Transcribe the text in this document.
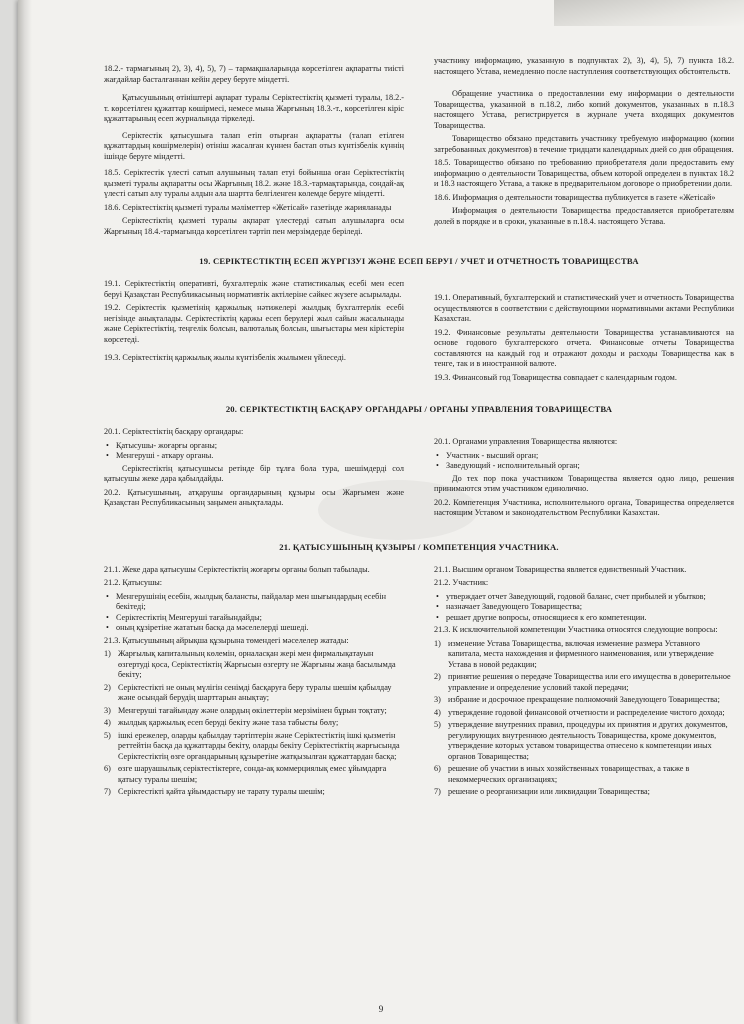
18.2.- тармағының 2), 3), 4), 5), 7) – тармақшаларында көрсетілген ақпаратты тиісті жағдайлар басталғаннан кейін дереу беруге міндетті.

Қатысушының өтініштері ақпарат туралы Серіктестіктің қызметі туралы, 18.2.-т. көрсетілген құжаттар көшірмесі, немесе мына Жарғының 18.3.-т., көрсетілген кіріс құжаттарының есеп журналында тіркеледі.

Серіктестік қатысушыға талап етіп отырған ақпаратты (талап етілген құжаттардың көшірмелерін) өтініш жасалған күннен бастап отыз күнтізбелік күннің ішінде беруге міндетті.

18.5. Серіктестік үлесті сатып алушының талап етуі бойынша оған Серіктестіктің қызметі туралы ақпаратты осы Жарғының 18.2. және 18.3.-тармақтарында, сондай-ақ үлесті сатып алу туралы алдын ала шартта белгіленген көлемде беруге міндетті.

18.6. Серіктестіктің қызметі туралы мәліметтер «Жетісай» газетінде жарияланады

Серіктестіктің қызметі туралы ақпарат үлестерді сатып алушыларға осы Жарғының 18.4.-тармағында көрсетілген тәртіп пен мерзімдерде беріледі.

участнику информацию, указанную в подпунктах 2), 3), 4), 5), 7) пункта 18.2. настоящего Устава, немедленно после наступления соответствующих обстоятельств.

Обращение участника о предоставлении ему информации о деятельности Товарищества, указанной в п.18.2, либо копий документов, указанных в п.18.3 настоящего Устава, регистрируется в журнале учета входящих документов Товарищества.

Товарищество обязано представить участнику требуемую информацию (копии затребованных документов) в течение тридцати календарных дней со дня обращения.

18.5. Товарищество обязано по требованию приобретателя доли предоставить ему информацию о деятельности Товарищества, объем которой определен в пунктах 18.2 и 18.3 настоящего Устава, а также в предварительном договоре о приобретении доли.

18.6. Информация о деятельности товарищества публикуется в газете «Жетісай»

Информация о деятельности Товарищества предоставляется приобретателям долей в порядке и в сроки, указанные в п.18.4. настоящего Устава.

19. СЕРІКТЕСТІКТІҢ ЕСЕП ЖҮРГІЗУІ ЖӘНЕ ЕСЕП БЕРУІ / УЧЕТ И ОТЧЕТНОСТЬ ТОВАРИЩЕСТВА

19.1. Серіктестіктің оперативті, бухгалтерлік және статистикалық есебі мен есеп беруі Қазақстан Республикасының нормативтік актілеріне сәйкес жүзеге асырылады.

19.2. Серіктестік қызметінің қаржылық нәтижелері жылдық бухгалтерлік есебі негізінде анықталады. Серіктестіктің қаржы есеп берулері жыл сайын жасалынады және Серіктестіктің, теңгелік болсын, валюталық болсын, шығыстары мен кірістерін көрсетеді.

19.3. Серіктестіктің қаржылық жылы күнтізбелік жылымен үйлеседі.

19.1. Оперативный, бухгалтерский и статистический учет и отчетность Товарищества осуществляются в соответствии с действующими нормативными актами Республики Казахстан.

19.2. Финансовые результаты деятельности Товарищества устанавливаются на основе годового бухгалтерского отчета. Финансовые отчеты Товарищества составляются на каждый год и отражают доходы и расходы Товарищества как в тенге, так и в иностранной валюте.

19.3. Финансовый год Товарищества совпадает с календарным годом.

20. СЕРІКТЕСТІКТІҢ БАСҚАРУ ОРГАНДАРЫ / ОРГАНЫ УПРАВЛЕНИЯ ТОВАРИЩЕСТВА

20.1. Серіктестіктің басқару органдары:

• Қатысушы- жоғарғы органы;
• Менгеруші - аткару органы.

Серіктестіктің қатысушысы ретінде бір тұлға бола тура, шешімдерді сол қатысушы жеке дара қабылдайды.

20.2. Қатысушының, атқарушы органдарының құзыры осы Жарғымен және Қазақстан Республикасының заңымен анықталады.

20.1. Органами управления Товарищества являются:

• Участник - высший орган;
• Заведующий - исполнительный орган;

До тех пор пока участником Товарищества является одно лицо, решения принимаются этим участником единолично.

20.2. Компетенция Участника, исполнительного органа, Товарищества определяется настоящим Уставом и законодательством Республики Казахстан.

21. ҚАТЫСУШЫНЫҢ ҚҰЗЫРЫ / КОМПЕТЕНЦИЯ УЧАСТНИКА.

21.1. Жеке дара қатысушы Серіктестіктің жоғарғы органы болып табылады.

21.2. Қатысушы:

• Менгерушінің есебін, жылдық балансты, пайдалар мен шығындардың есебін бекітеді;
• Серіктестіктің Менгеруші тағайындайды;
• оның құзіретіне жататын басқа да мәселелерді шешеді.

21.3. Қатысушының айрықша құзырына төмендегі мәселелер жатады:

1) Жарғылық капиталының көлемін, орналасқан жері мен фирмалықатауын өзгертуді қоса, Серіктестіктің Жарғысын өзгерту не Жарғыны жаңа басылымда бекіту;
2) Серіктестікті не оның мүлігін сенімді басқаруға беру туралы шешім қабылдау және осындай берудің шарттарын анықтау;
3) Менгеруші тағайындау және олардың өкілеттерін мерзімінен бұрын тоқтату;
4) жылдық қаржылық есеп беруді бекіту және таза табысты бөлу;
5) ішкі ережелер, оларды қабылдау тәртіптерін және Серіктестіктің ішкі қызметін реттейтін басқа да құжаттарды бекіту, оларды бекіту Серіктестіктің жарғысында Серіктестіктің өзге органдарының құзыретіне жатқызылған құжаттардан басқа;
6) өзге шаруашылық серіктестіктерге, сонда-ақ коммерциялық емес ұйымдарға қатысу туралы шешім;
7) Серіктестікті қайта ұйымдастыру не тарату туралы шешім;

21.1. Высшим органом Товарищества является единственный Участник.

21.2. Участник:

• утверждает отчет Заведующий, годовой баланс, счет прибылей и убытков;
• назначает Заведующего Товарищества;
• решает другие вопросы, относящиеся к его компетенции.

21.3. К исключительной компетенции Участника относятся следующие вопросы:

1) изменение Устава Товарищества, включая изменение размера Уставного капитала, места нахождения и фирменного наименования, или утверждение Устава в новой редакции;
2) принятие решения о передаче Товарищества или его имущества в доверительное управление и определение условий такой передачи;
3) избрание и досрочное прекращение полномочий Заведующего Товарищества;
4) утверждение годовой финансовой отчетности и распределение чистого дохода;
5) утверждение внутренних правил, процедуры их принятия и других документов, регулирующих внутреннюю деятельность Товарищества, кроме документов, утверждение которых уставом товарищества отнесено к компетенции иных органов Товарищества;
6) решение об участии в иных хозяйственных товариществах, а также в некоммерческих организациях;
7) решение о реорганизации или ликвидации Товарищества;
9
